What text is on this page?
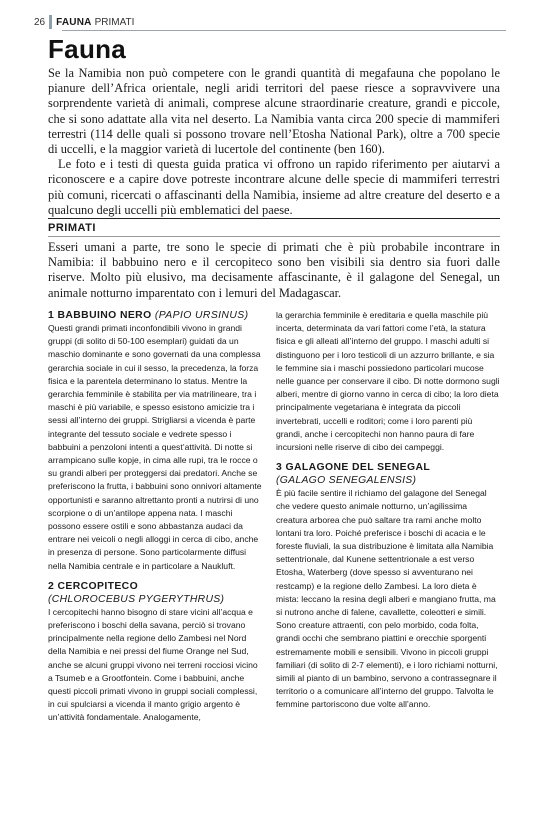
26 FAUNA PRIMATI
Fauna

Se la Namibia non può competere con le grandi quantità di megafauna che popolano le pianure dell’Africa orientale, negli aridi territori del paese riesce a sopravvivere una sorprendente varietà di animali, comprese alcune straordinarie creature, grandi e piccole, che si sono adattate alla vita nel deserto. La Namibia vanta circa 200 specie di mammiferi terrestri (114 delle quali si possono trovare nell’Etosha National Park), oltre a 700 specie di uccelli, e la maggior varietà di lucertole del continente (ben 160).

Le foto e i testi di questa guida pratica vi offrono un rapido riferimento per aiutarvi a riconoscere e a capire dove potreste incontrare alcune delle specie di mammiferi terrestri più comuni, ricercati o affascinanti della Namibia, insieme ad altre creature del deserto e a qualcuno degli uccelli più emblematici del paese.

PRIMATI

Esseri umani a parte, tre sono le specie di primati che è più probabile incontrare in Namibia: il babbuino nero e il cercopiteco sono ben visibili sia dentro sia fuori dalle riserve. Molto più elusivo, ma decisamente affascinante, è il galagone del Senegal, un animale notturno imparentato con i lemuri del Madagascar.

1 BABBUINO NERO (PAPIO URSINUS)

Questi grandi primati inconfondibili vivono in grandi gruppi (di solito di 50-100 esemplari) guidati da un maschio dominante e sono governati da una complessa gerarchia sociale in cui il sesso, la precedenza, la forza fisica e la parentela determinano lo status. Mentre la gerarchia femminile è stabilita per via matrilineare, tra i maschi è più variabile, e spesso esistono amicizie tra i sessi all’interno dei gruppi. Strigliarsi a vicenda è parte integrante del tessuto sociale e vedrete spesso i babbuini a penzoloni intenti a quest’attività. Di notte si arrampicano sulle kopje, in cima alle rupi, tra le rocce o su grandi alberi per proteggersi dai predatori. Anche se preferiscono la frutta, i babbuini sono onnivori altamente opportunisti e saranno altrettanto pronti a nutrirsi di uno scorpione o di un’antilope appena nata. I maschi possono essere ostili e sono abbastanza audaci da entrare nei veicoli o negli alloggi in cerca di cibo, anche in presenza di persone. Sono particolarmente diffusi nella Namibia centrale e in particolare a Naukluft.

2 CERCOPITECO
(CHLOROCEBUS PYGERYTHRUS)

I cercopitechi hanno bisogno di stare vicini all’acqua e preferiscono i boschi della savana, perciò si trovano principalmente nella regione dello Zambesi nel Nord della Namibia e nei pressi del fiume Orange nel Sud, anche se alcuni gruppi vivono nei terreni rocciosi vicino a Tsumeb e a Grootfontein. Come i babbuini, anche questi piccoli primati vivono in gruppi sociali complessi, in cui spulciarsi a vicenda il manto grigio argento è un’attività fondamentale. Analogamente,

la gerarchia femminile è ereditaria e quella maschile più incerta, determinata da vari fattori come l’età, la statura fisica e gli alleati all’interno del gruppo. I maschi adulti si distinguono per i loro testicoli di un azzurro brillante, e sia le femmine sia i maschi possiedono particolari mucose nelle guance per conservare il cibo. Di notte dormono sugli alberi, mentre di giorno vanno in cerca di cibo; la loro dieta principalmente vegetariana è integrata da piccoli invertebrati, uccelli e roditori; come i loro parenti più grandi, anche i cercopitechi non hanno paura di fare incursioni nelle riserve di cibo dei campeggi.

3 GALAGONE DEL SENEGAL
(GALAGO SENEGALENSIS)

È più facile sentire il richiamo del galagone del Senegal che vedere questo animale notturno, un’agilissima creatura arborea che può saltare tra rami anche molto lontani tra loro. Poiché preferisce i boschi di acacia e le foreste fluviali, la sua distribuzione è limitata alla Namibia settentrionale, dal Kunene settentrionale a est verso Etosha, Waterberg (dove spesso si avventurano nei restcamp) e la regione dello Zambesi. La loro dieta è mista: leccano la resina degli alberi e mangiano frutta, ma si nutrono anche di falene, cavallette, coleotteri e simili. Sono creature attraenti, con pelo morbido, coda folta, grandi occhi che sembrano piattini e orecchie sporgenti estremamente mobili e sensibili. Vivono in piccoli gruppi familiari (di solito di 2-7 elementi), e i loro richiami notturni, simili al pianto di un bambino, servono a contrassegnare il territorio o a comunicare all’interno del gruppo. Talvolta le femmine partoriscono due volte all’anno.
